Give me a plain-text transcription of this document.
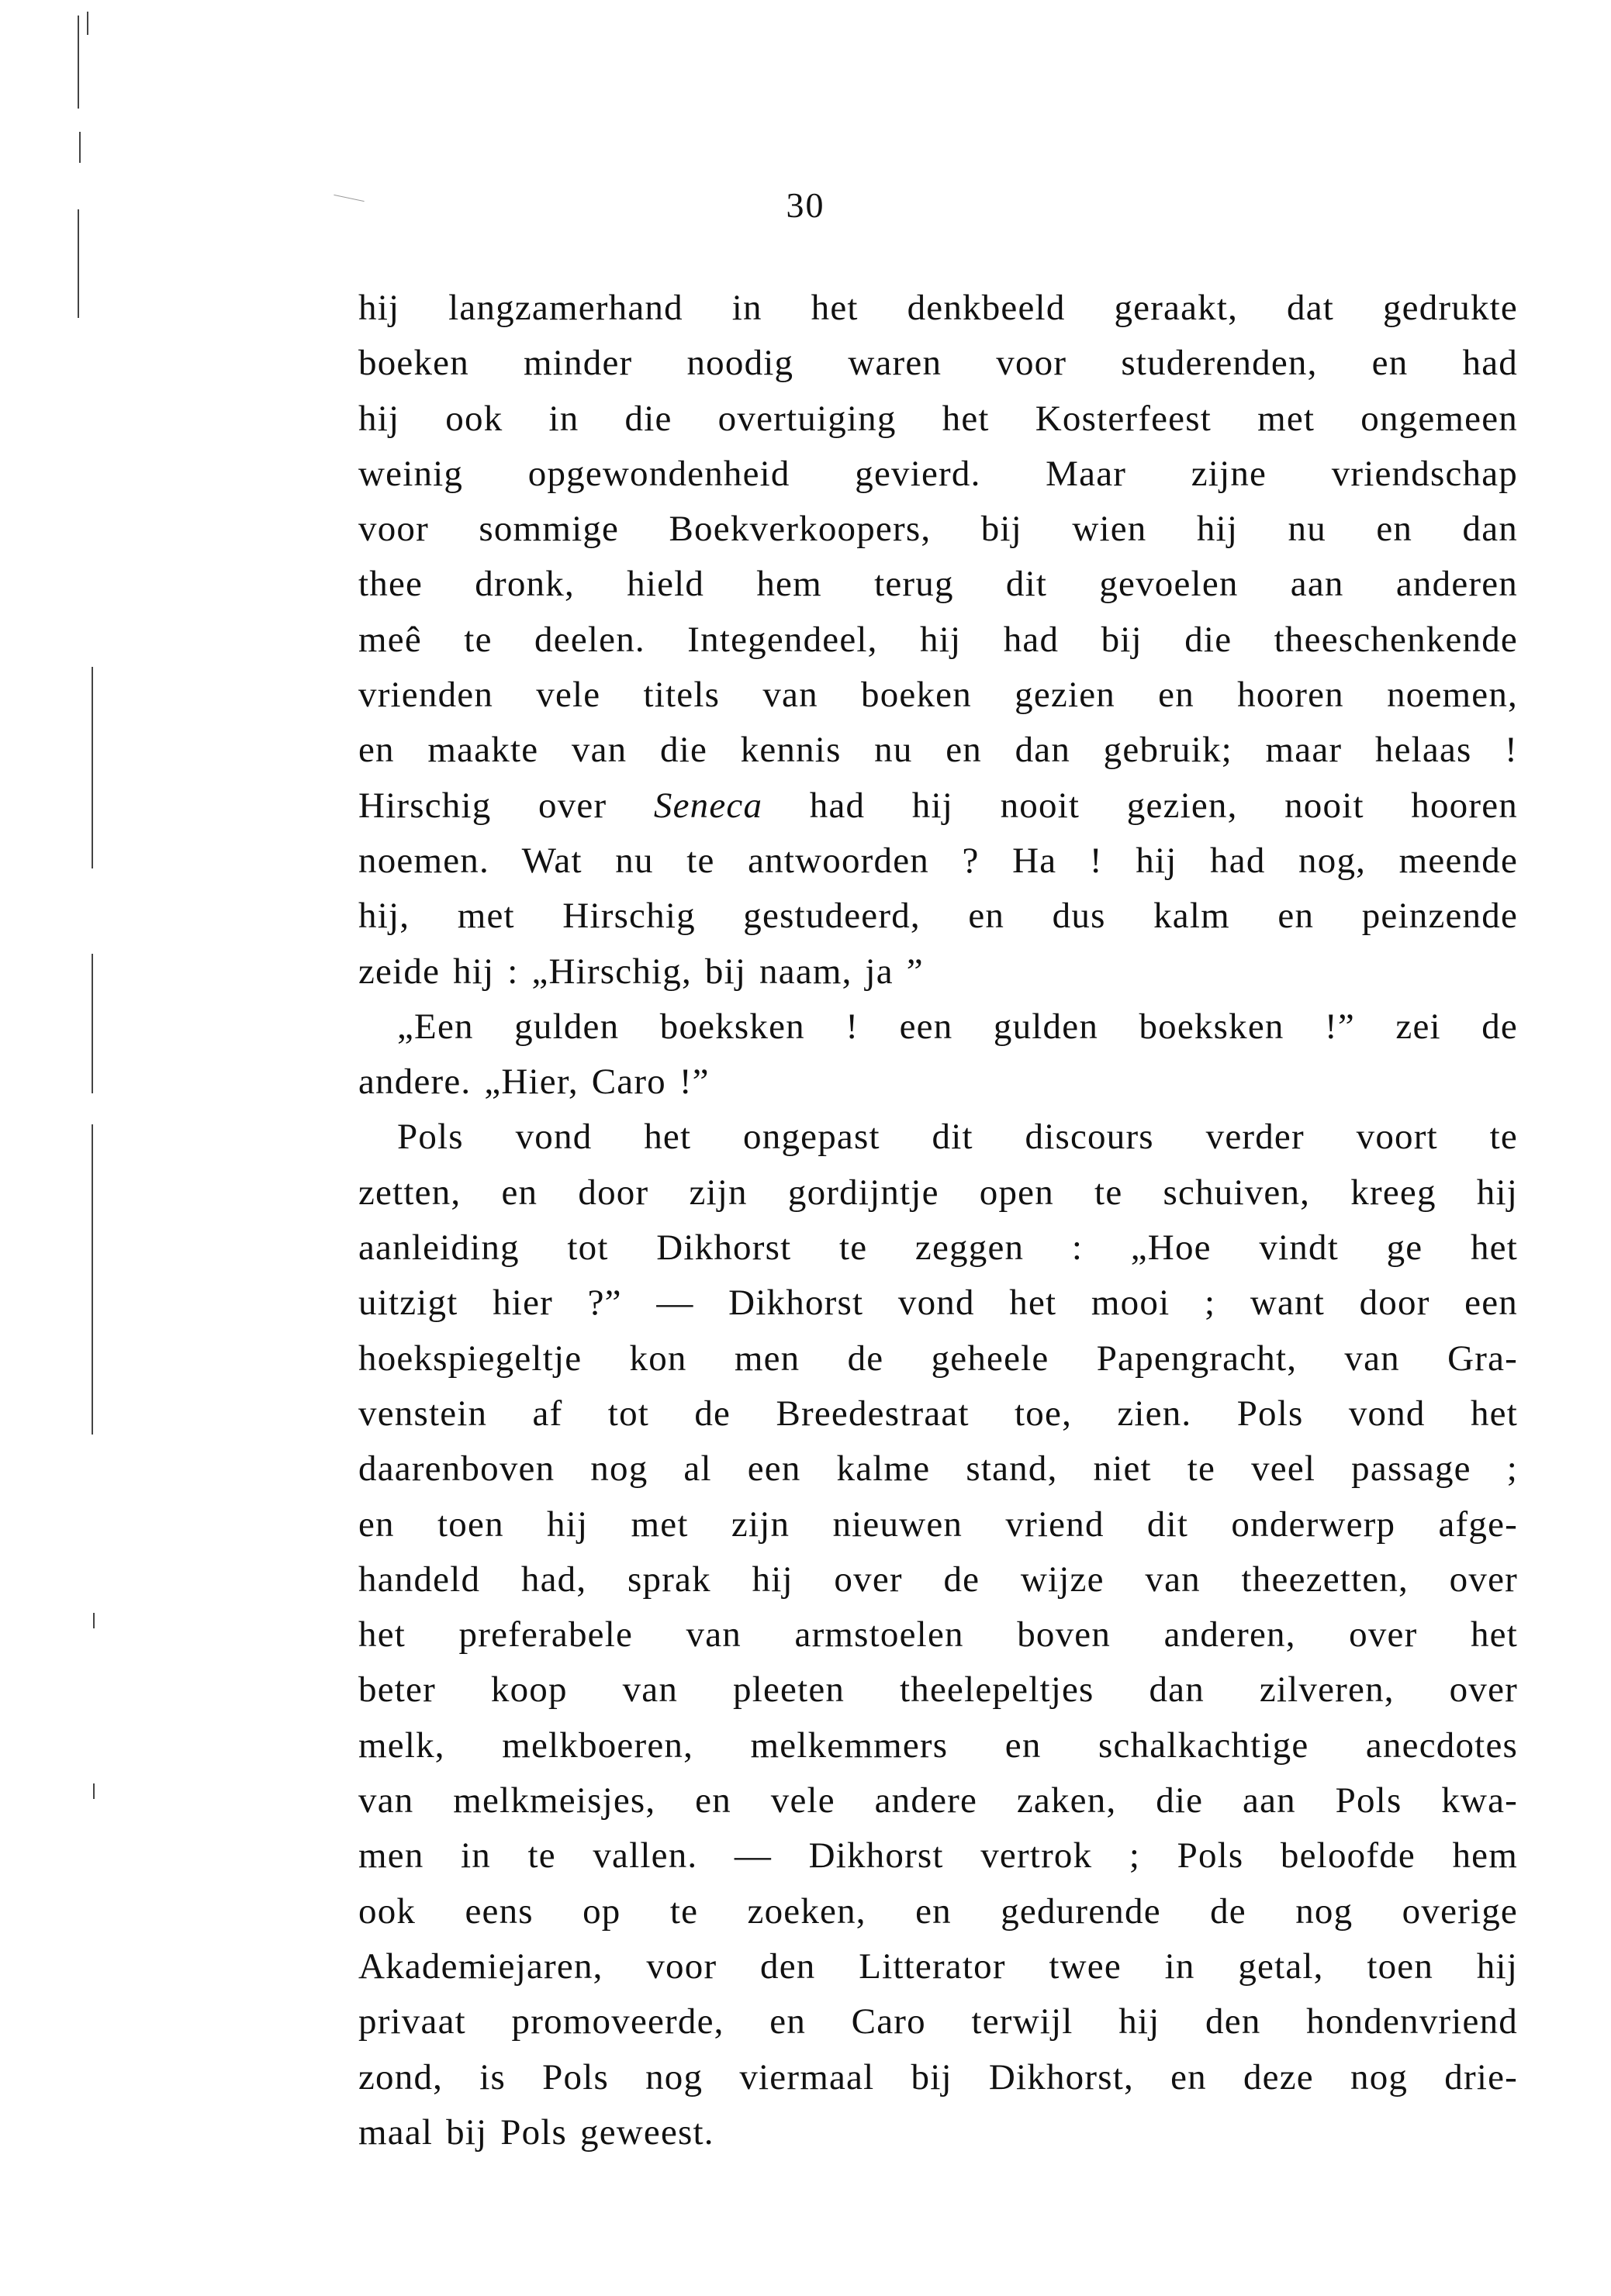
30
hij langzamerhand in het denkbeeld geraakt, dat gedrukte
boeken minder noodig waren voor studerenden, en had
hij ook in die overtuiging het Kosterfeest met ongemeen
weinig opgewondenheid gevierd. Maar zijne vriendschap
voor sommige Boekverkoopers, bij wien hij nu en dan
thee dronk, hield hem terug dit gevoelen aan anderen
meê te deelen. Integendeel, hij had bij die theeschenkende
vrienden vele titels van boeken gezien en hooren noemen,
en maakte van die kennis nu en dan gebruik; maar helaas !
Hirschig over Seneca had hij nooit gezien, nooit hooren
noemen. Wat nu te antwoorden ? Ha ! hij had nog, meende
hij, met Hirschig gestudeerd, en dus kalm en peinzende
zeide hij : „Hirschig, bij naam, ja ”
„Een gulden boeksken ! een gulden boeksken !” zei de
andere. „Hier, Caro !”
Pols vond het ongepast dit discours verder voort te
zetten, en door zijn gordijntje open te schuiven, kreeg hij
aanleiding tot Dikhorst te zeggen : „Hoe vindt ge het
uitzigt hier ?” — Dikhorst vond het mooi ; want door een
hoekspiegeltje kon men de geheele Papengracht, van Gra-
venstein af tot de Breedestraat toe, zien. Pols vond het
daarenboven nog al een kalme stand, niet te veel passage ;
en toen hij met zijn nieuwen vriend dit onderwerp afge-
handeld had, sprak hij over de wijze van theezetten, over
het preferabele van armstoelen boven anderen, over het
beter koop van pleeten theelepeltjes dan zilveren, over
melk, melkboeren, melkemmers en schalkachtige anecdotes
van melkmeisjes, en vele andere zaken, die aan Pols kwa-
men in te vallen. — Dikhorst vertrok ; Pols beloofde hem
ook eens op te zoeken, en gedurende de nog overige
Akademiejaren, voor den Litterator twee in getal, toen hij
privaat promoveerde, en Caro terwijl hij den hondenvriend
zond, is Pols nog viermaal bij Dikhorst, en deze nog drie-
maal bij Pols geweest.
